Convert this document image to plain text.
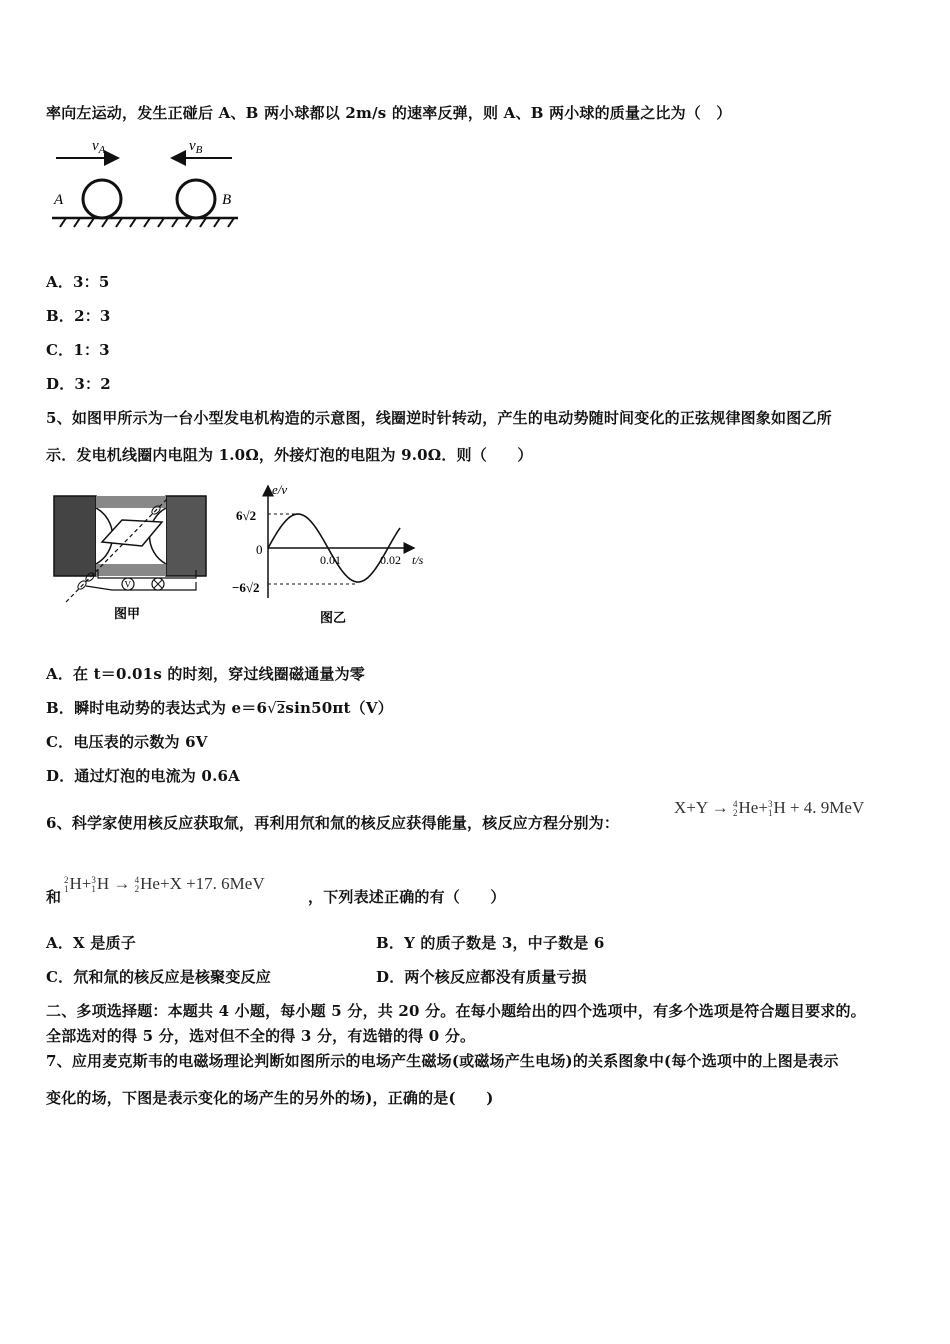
率向左运动，发生正碰后 A、B 两小球都以 2m/s 的速率反弹，则 A、B 两小球的质量之比为（　）
$v_A$	$v_B$
A	B
A．3：5
B．2：3
C．1：3
D．3：2
5、如图甲所示为一台小型发电机构造的示意图，线圈逆时针转动，产生的电动势随时间变化的正弦规律图象如图乙所
示．发电机线圈内电阻为 1.0Ω，外接灯泡的电阻为 9.0Ω．则（　　）
V
图甲
e/v
t/s
0
6√2
−6√2
0.01	0.02
图乙
A．在 t＝0.01s 的时刻，穿过线圈磁通量为零
B．瞬时电动势的表达式为 e＝6√2sin50πt（V）
C．电压表的示数为 6V
D．通过灯泡的电流为 0.6A
6、科学家使用核反应获取氚，再利用氘和氚的核反应获得能量，核反应方程分别为：
X+Y → 4
2 He+ 3
1 H + 4. 9MeV
和
2
1 H+ 3
1 H → 4
2 He+X +17. 6MeV
，下列表述正确的有（　　）
A．X 是质子	B．Y 的质子数是 3，中子数是 6
C．氘和氚的核反应是核聚变反应	D．两个核反应都没有质量亏损
二、多项选择题：本题共 4 小题，每小题 5 分，共 20 分。在每小题给出的四个选项中，有多个选项是符合题目要求的。
全部选对的得 5 分，选对但不全的得 3 分，有选错的得 0 分。
7、应用麦克斯韦的电磁场理论判断如图所示的电场产生磁场(或磁场产生电场)的关系图象中(每个选项中的上图是表示
变化的场，下图是表示变化的场产生的另外的场)，正确的是(　　)
